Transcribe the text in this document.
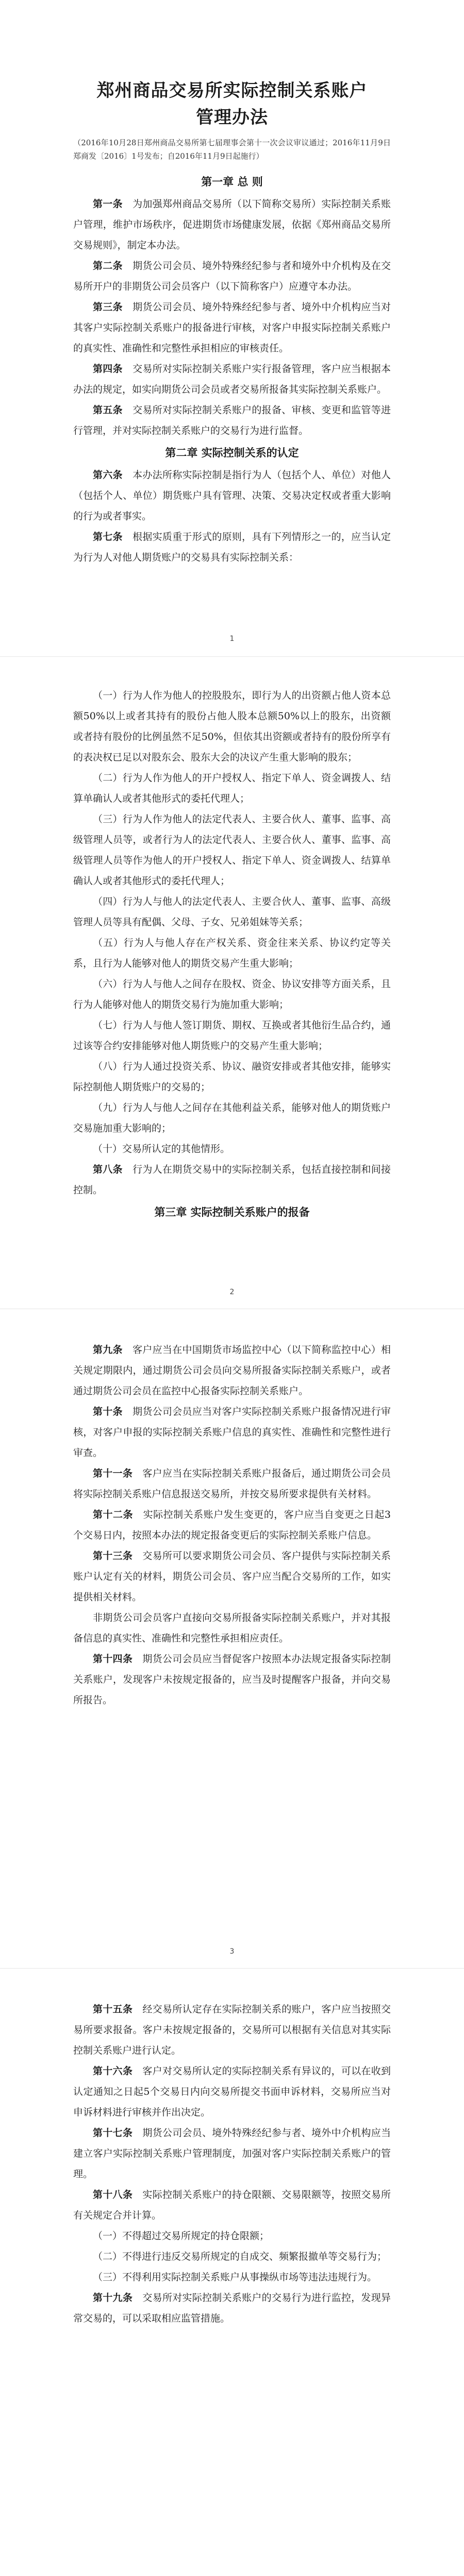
郑州商品交易所实际控制关系账户
管理办法

（2016年10月28日郑州商品交易所第七届理事会第十一次会议审议通过；2016年11月9日郑商发〔2016〕1号发布；自2016年11月9日起施行）

第一章 总 则

第一条　 为加强郑州商品交易所（以下简称交易所）实际控制关系账户管理，维护市场秩序，促进期货市场健康发展，依据《郑州商品交易所交易规则》，制定本办法。

第二条　 期货公司会员、境外特殊经纪参与者和境外中介机构及在交易所开户的非期货公司会员客户（以下简称客户）应遵守本办法。

第三条　 期货公司会员、境外特殊经纪参与者、境外中介机构应当对其客户实际控制关系账户的报备进行审核，对客户申报实际控制关系账户的真实性、准确性和完整性承担相应的审核责任。

第四条　 交易所对实际控制关系账户实行报备管理，客户应当根据本办法的规定，如实向期货公司会员或者交易所报备其实际控制关系账户。

第五条　 交易所对实际控制关系账户的报备、审核、变更和监管等进行管理，并对实际控制关系账户的交易行为进行监督。

第二章 实际控制关系的认定

第六条　 本办法所称实际控制是指行为人（包括个人、单位）对他人（包括个人、单位）期货账户具有管理、决策、交易决定权或者重大影响的行为或者事实。

第七条　 根据实质重于形式的原则，具有下列情形之一的，应当认定为行为人对他人期货账户的交易具有实际控制关系：

1

（一）行为人作为他人的控股股东，即行为人的出资额占他人资本总额50%以上或者其持有的股份占他人股本总额50%以上的股东，出资额或者持有股份的比例虽然不足50%，但依其出资额或者持有的股份所享有的表决权已足以对股东会、股东大会的决议产生重大影响的股东；

（二）行为人作为他人的开户授权人、指定下单人、资金调拨人、结算单确认人或者其他形式的委托代理人；

（三）行为人作为他人的法定代表人、主要合伙人、董事、监事、高级管理人员等，或者行为人的法定代表人、主要合伙人、董事、监事、高级管理人员等作为他人的开户授权人、指定下单人、资金调拨人、结算单确认人或者其他形式的委托代理人；

（四）行为人与他人的法定代表人、主要合伙人、董事、监事、高级管理人员等具有配偶、父母、子女、兄弟姐妹等关系；

（五）行为人与他人存在产权关系、资金往来关系、协议约定等关系，且行为人能够对他人的期货交易产生重大影响；

（六）行为人与他人之间存在股权、资金、协议安排等方面关系，且行为人能够对他人的期货交易行为施加重大影响；

（七）行为人与他人签订期货、期权、互换或者其他衍生品合约，通过该等合约安排能够对他人期货账户的交易产生重大影响；

（八）行为人通过投资关系、协议、融资安排或者其他安排，能够实际控制他人期货账户的交易的；

（九）行为人与他人之间存在其他利益关系，能够对他人的期货账户交易施加重大影响的；

（十）交易所认定的其他情形。

第八条　 行为人在期货交易中的实际控制关系，包括直接控制和间接控制。

第三章 实际控制关系账户的报备
2

第九条　 客户应当在中国期货市场监控中心（以下简称监控中心）相关规定期限内，通过期货公司会员向交易所报备实际控制关系账户，或者通过期货公司会员在监控中心报备实际控制关系账户。

第十条　 期货公司会员应当对客户实际控制关系账户报备情况进行审核，对客户申报的实际控制关系账户信息的真实性、准确性和完整性进行审查。

第十一条　 客户应当在实际控制关系账户报备后，通过期货公司会员将实际控制关系账户信息报送交易所，并按交易所要求提供有关材料。

第十二条　 实际控制关系账户发生变更的，客户应当自变更之日起3个交易日内，按照本办法的规定报备变更后的实际控制关系账户信息。

第十三条　 交易所可以要求期货公司会员、客户提供与实际控制关系账户认定有关的材料，期货公司会员、客户应当配合交易所的工作，如实提供相关材料。

非期货公司会员客户直接向交易所报备实际控制关系账户，并对其报备信息的真实性、准确性和完整性承担相应责任。

第十四条　 期货公司会员应当督促客户按照本办法规定报备实际控制关系账户，发现客户未按规定报备的，应当及时提醒客户报备，并向交易所报告。

3

第十五条　 经交易所认定存在实际控制关系的账户，客户应当按照交易所要求报备。客户未按规定报备的，交易所可以根据有关信息对其实际控制关系账户进行认定。

第十六条　 客户对交易所认定的实际控制关系有异议的，可以在收到认定通知之日起5个交易日内向交易所提交书面申诉材料，交易所应当对申诉材料进行审核并作出决定。

第十七条　 期货公司会员、境外特殊经纪参与者、境外中介机构应当建立客户实际控制关系账户管理制度，加强对客户实际控制关系账户的管理。

第十八条　 实际控制关系账户的持仓限额、交易限额等，按照交易所有关规定合并计算。

（一）不得超过交易所规定的持仓限额；

（二）不得进行违反交易所规定的自成交、频繁报撤单等交易行为；

（三）不得利用实际控制关系账户从事操纵市场等违法违规行为。

第十九条　 交易所对实际控制关系账户的交易行为进行监控，发现异常交易的，可以采取相应监管措施。
